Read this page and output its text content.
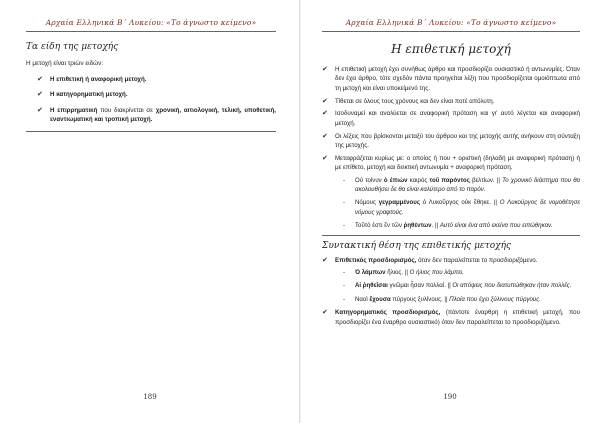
Αρχαία Ελληνικά Β΄ Λυκείου: «Το άγνωστο κείμενο»
Τα είδη της μετοχής
Η μετοχή είναι τριών ειδών:
✔ Η επιθετική ή αναφορική μετοχή.
✔ Η κατηγορηματική μετοχή.
✔ Η επιρρηματική που διακρίνεται σε χρονική, αιτιολογική, τελική, υποθετική, εναντιωματική και τροπική μετοχή.
189
Αρχαία Ελληνικά Β΄ Λυκείου: «Το άγνωστο κείμενο»
Η επιθετική μετοχή
✔ Η επιθετική μετοχή έχει συνήθως άρθρο και προσδιορίζει ουσιαστικό ή αντωνυμίες. Όταν δεν έχει άρθρο, τότε σχεδόν πάντα προηγείται λέξη που προσδιορίζεται ομοιόπτωτα από τη μετοχή και είναι υποκείμενό της.
✔ Τίθεται σε όλους τους χρόνους και δεν είναι ποτέ απόλυτη.
✔ Ισοδυναμεί και αναλύεται σε αναφορική πρόταση και γι' αυτό λέγεται και αναφορική μετοχή.
✔ Οι λέξεις που βρίσκονται μεταξύ του άρθρου και της μετοχής αυτής ανήκουν στη σύνταξη της μετοχής.
✔ Μεταφράζεται κυρίως με: ο οποίος ή που + οριστική (δηλαδή με αναφορική πρόταση) ή με επίθετο, μετοχή και δεικτική αντωνυμία + αναφορική πρόταση.
- Οὐ τοίνυν ὁ ἐπιὼν καιρὸς τοῦ παρόντος βελτίων. || Το χρονικό διάστημα που θα ακολουθήσει δε θα είναι καλύτερο από το παρόν.
- Νόμους γεγραμμένους ὁ Λυκοῦργος οὐκ ἔθηκε. || Ο Λυκούργος δε νομοθέτησε νόμους γραφτούς.
- Τοῦτό ἐστι ἓν τῶν ῥηθέντων. || Αυτό είναι ένα από εκείνα που ειπώθηκαν.
Συντακτική θέση της επιθετικής μετοχής
✔ Επιθετικός προσδιορισμός, όταν δεν παραλείπεται το προσδιοριζόμενο.
- Ὁ λάμπων ἥλιος. || Ο ήλιος που λάμπει.
- Αἱ ῥηθεῖσαι γνῶμαι ἦσαν πολλαί. || Οι απόψεις που διατυπώθηκαν ήταν πολλές.
- Ναοὶ ἔχουσα πύργους ξυλίνους. || Πλοία που έχει ξύλινους πύργους.
✔ Κατηγορηματικός προσδιορισμός, (πάντοτε έναρθρη η επιθετική μετοχή, που προσδιορίζει ένα έναρθρο ουσιαστικό) όταν δεν παραλείπεται το προσδιοριζόμενο.
190
